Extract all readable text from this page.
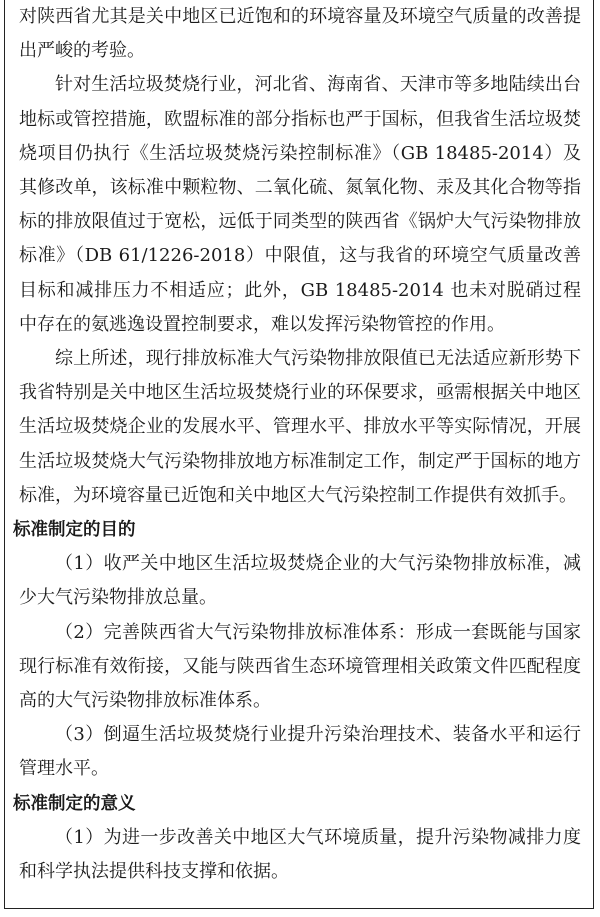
对陕西省尤其是关中地区已近饱和的环境容量及环境空气质量的改善提出严峻的考验。

针对生活垃圾焚烧行业，河北省、海南省、天津市等多地陆续出台地标或管控措施，欧盟标准的部分指标也严于国标，但我省生活垃圾焚烧项目仍执行《生活垃圾焚烧污染控制标准》（GB 18485-2014）及其修改单，该标准中颗粒物、二氧化硫、氮氧化物、汞及其化合物等指标的排放限值过于宽松，远低于同类型的陕西省《锅炉大气污染物排放标准》（DB 61/1226-2018）中限值，这与我省的环境空气质量改善目标和减排压力不相适应；此外，GB 18485-2014 也未对脱硝过程中存在的氨逃逸设置控制要求，难以发挥污染物管控的作用。

综上所述，现行排放标准大气污染物排放限值已无法适应新形势下我省特别是关中地区生活垃圾焚烧行业的环保要求，亟需根据关中地区生活垃圾焚烧企业的发展水平、管理水平、排放水平等实际情况，开展生活垃圾焚烧大气污染物排放地方标准制定工作，制定严于国标的地方标准，为环境容量已近饱和关中地区大气污染控制工作提供有效抓手。

标准制定的目的

（1）收严关中地区生活垃圾焚烧企业的大气污染物排放标准，减少大气污染物排放总量。

（2）完善陕西省大气污染物排放标准体系：形成一套既能与国家现行标准有效衔接，又能与陕西省生态环境管理相关政策文件匹配程度高的大气污染物排放标准体系。

（3）倒逼生活垃圾焚烧行业提升污染治理技术、装备水平和运行管理水平。

标准制定的意义

（1）为进一步改善关中地区大气环境质量，提升污染物减排力度和科学执法提供科技支撑和依据。
